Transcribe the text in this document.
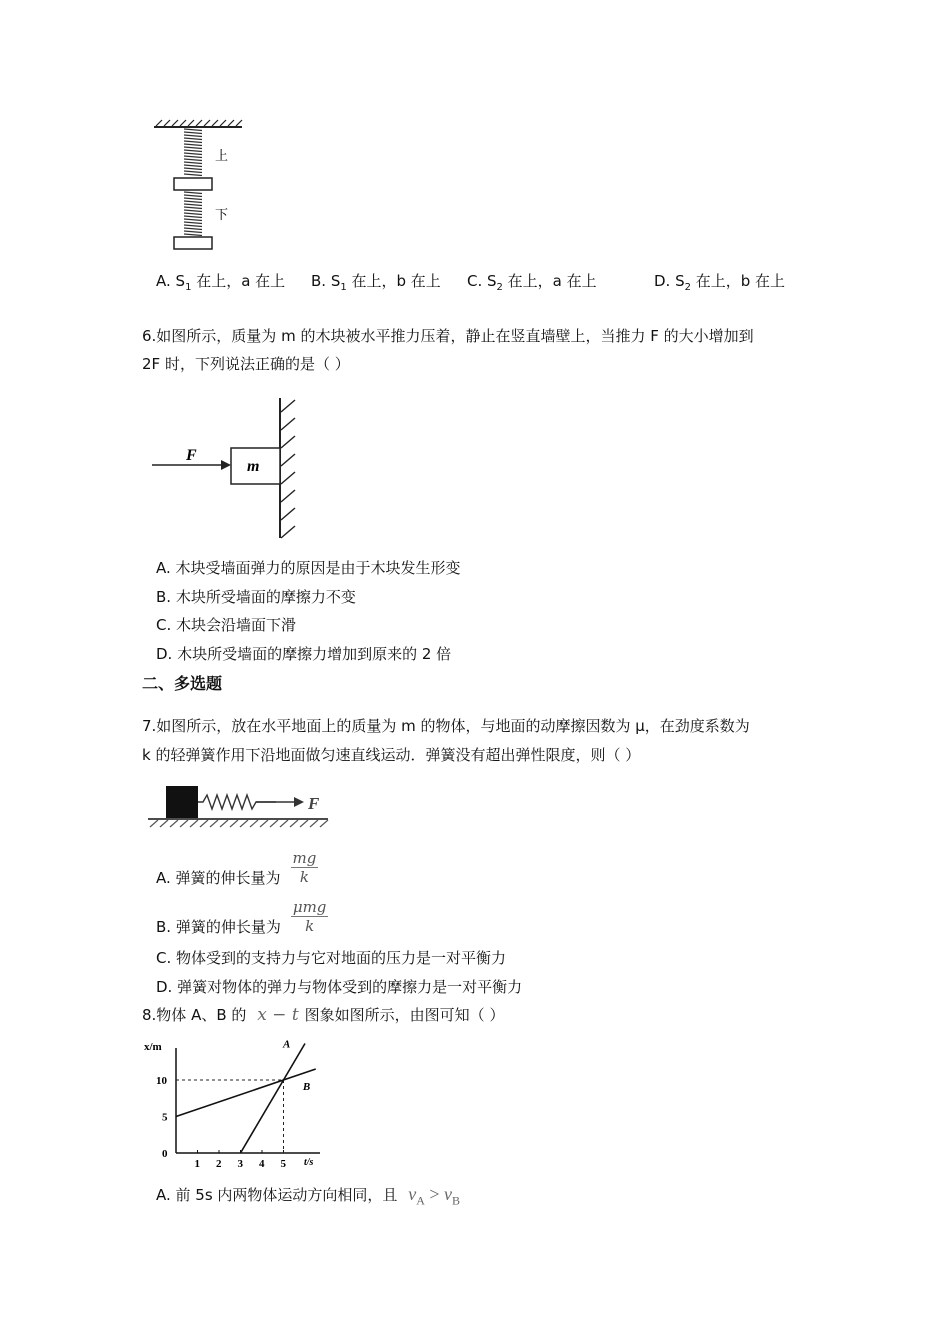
上
下
A. $S_1$ 在上，a 在上 B. $S_1$ 在上，b 在上 C. $S_2$ 在上，a 在上	D. $S_2$ 在上，b 在上
6.如图所示，质量为 m 的木块被水平推力压着，静止在竖直墙壁上，当推力 F 的大小增加到
2F 时，下列说法正确的是（ ）
F
m
A. 木块受墙面弹力的原因是由于木块发生形变
B. 木块所受墙面的摩擦力不变
C. 木块会沿墙面下滑
D. 木块所受墙面的摩擦力增加到原来的 2 倍
二、多选题
7.如图所示，放在水平地面上的质量为 m 的物体，与地面的动摩擦因数为 μ，在劲度系数为
k 的轻弹簧作用下沿地面做匀速直线运动．弹簧没有超出弹性限度，则（ ）
F
A. 弹簧的伸长量为 $\frac{mg}{k}$
B. 弹簧的伸长量为 $\frac{\text{μmg}}{k}$
C. 物体受到的支持力与它对地面的压力是一对平衡力
D. 弹簧对物体的弹力与物体受到的摩擦力是一对平衡力
8.物体 A、B 的 x − t 图象如图所示，由图可知（ ）
1 2 3 4 5
0
5
10
x/m
t/s
A
B
A. 前 5s 内两物体运动方向相同，且 $v_A > v_B$
